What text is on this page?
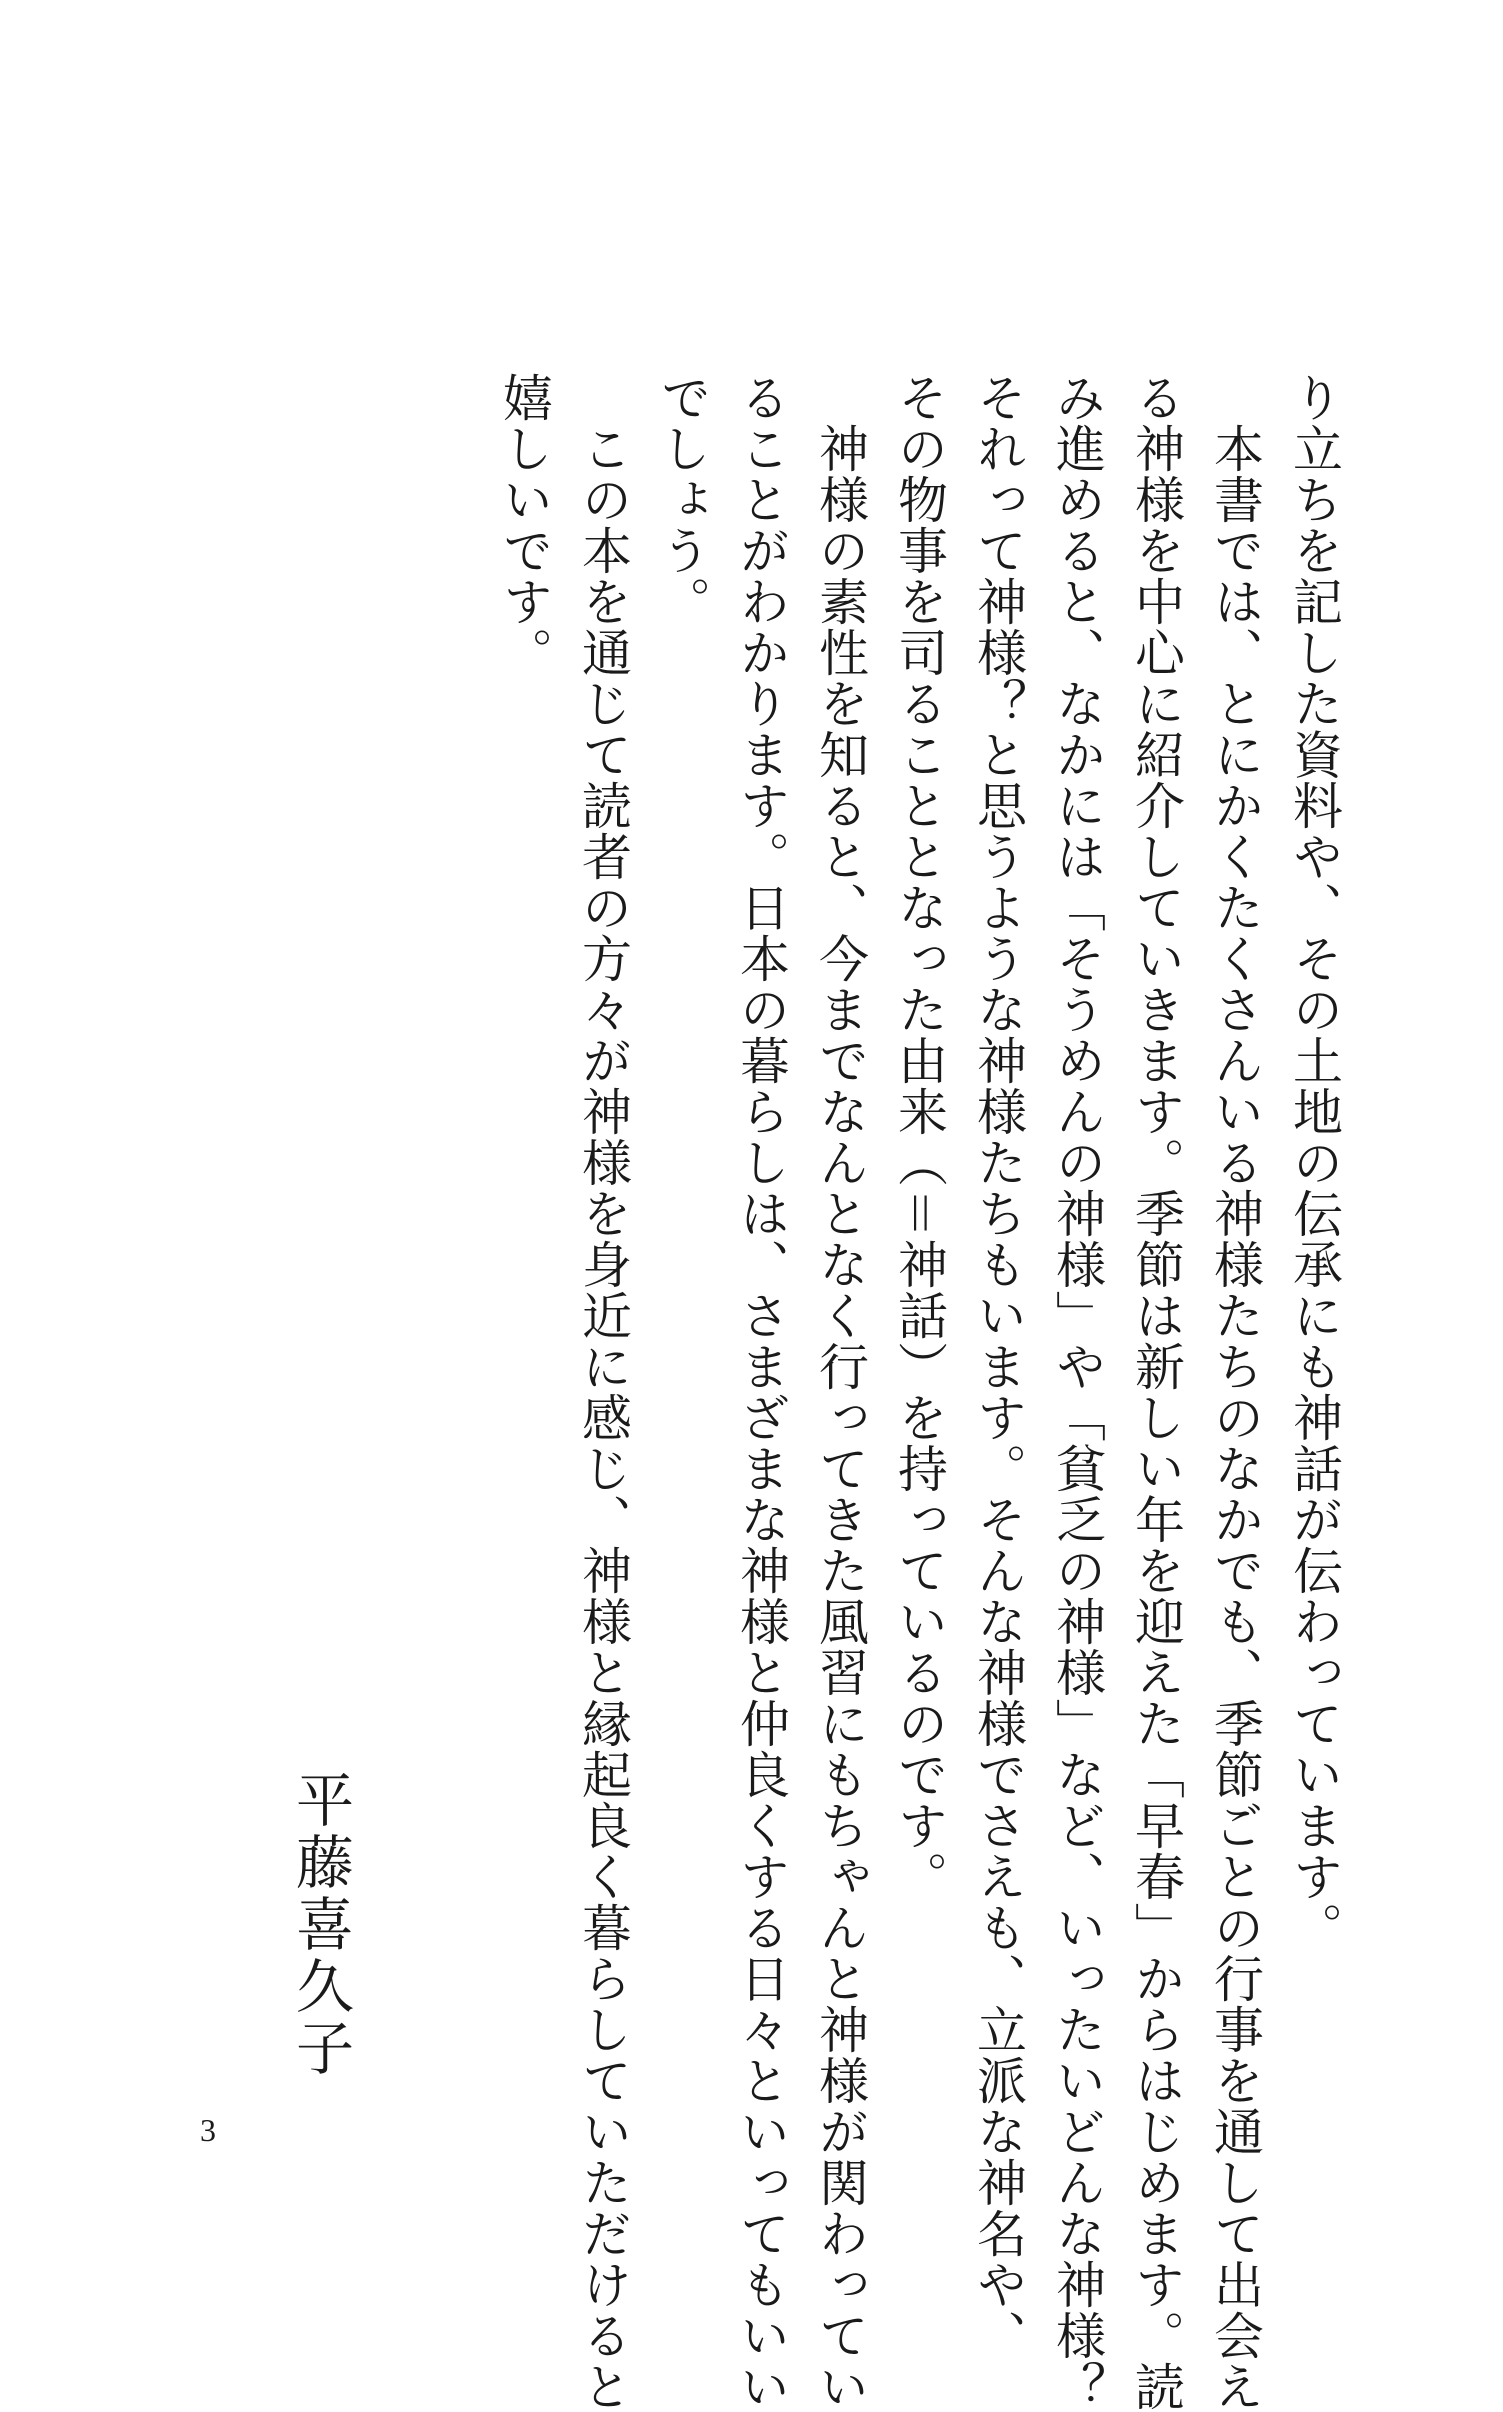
り立ちを記した資料や、その土地の伝承にも神話が伝わっています。

　本書では、とにかくたくさんいる神様たちのなかでも、季節ごとの行事を通して出会え

る神様を中心に紹介していきます。季節は新しい年を迎えた「早春」からはじめます。読

み進めると、なかには「そうめんの神様」や「貧乏の神様」など、いったいどんな神様？

それって神様？と思うような神様たちもいます。そんな神様でさえも、立派な神名や、

その物事を司ることとなった由来（＝神話）を持っているのです。

　神様の素性を知ると、今までなんとなく行ってきた風習にもちゃんと神様が関わってい

ることがわかります。日本の暮らしは、さまざまな神様と仲良くする日々といってもいい

でしょう。

　この本を通じて読者の方々が神様を身近に感じ、神様と縁起良く暮らしていただけると

嬉しいです。

平藤喜久子
3
